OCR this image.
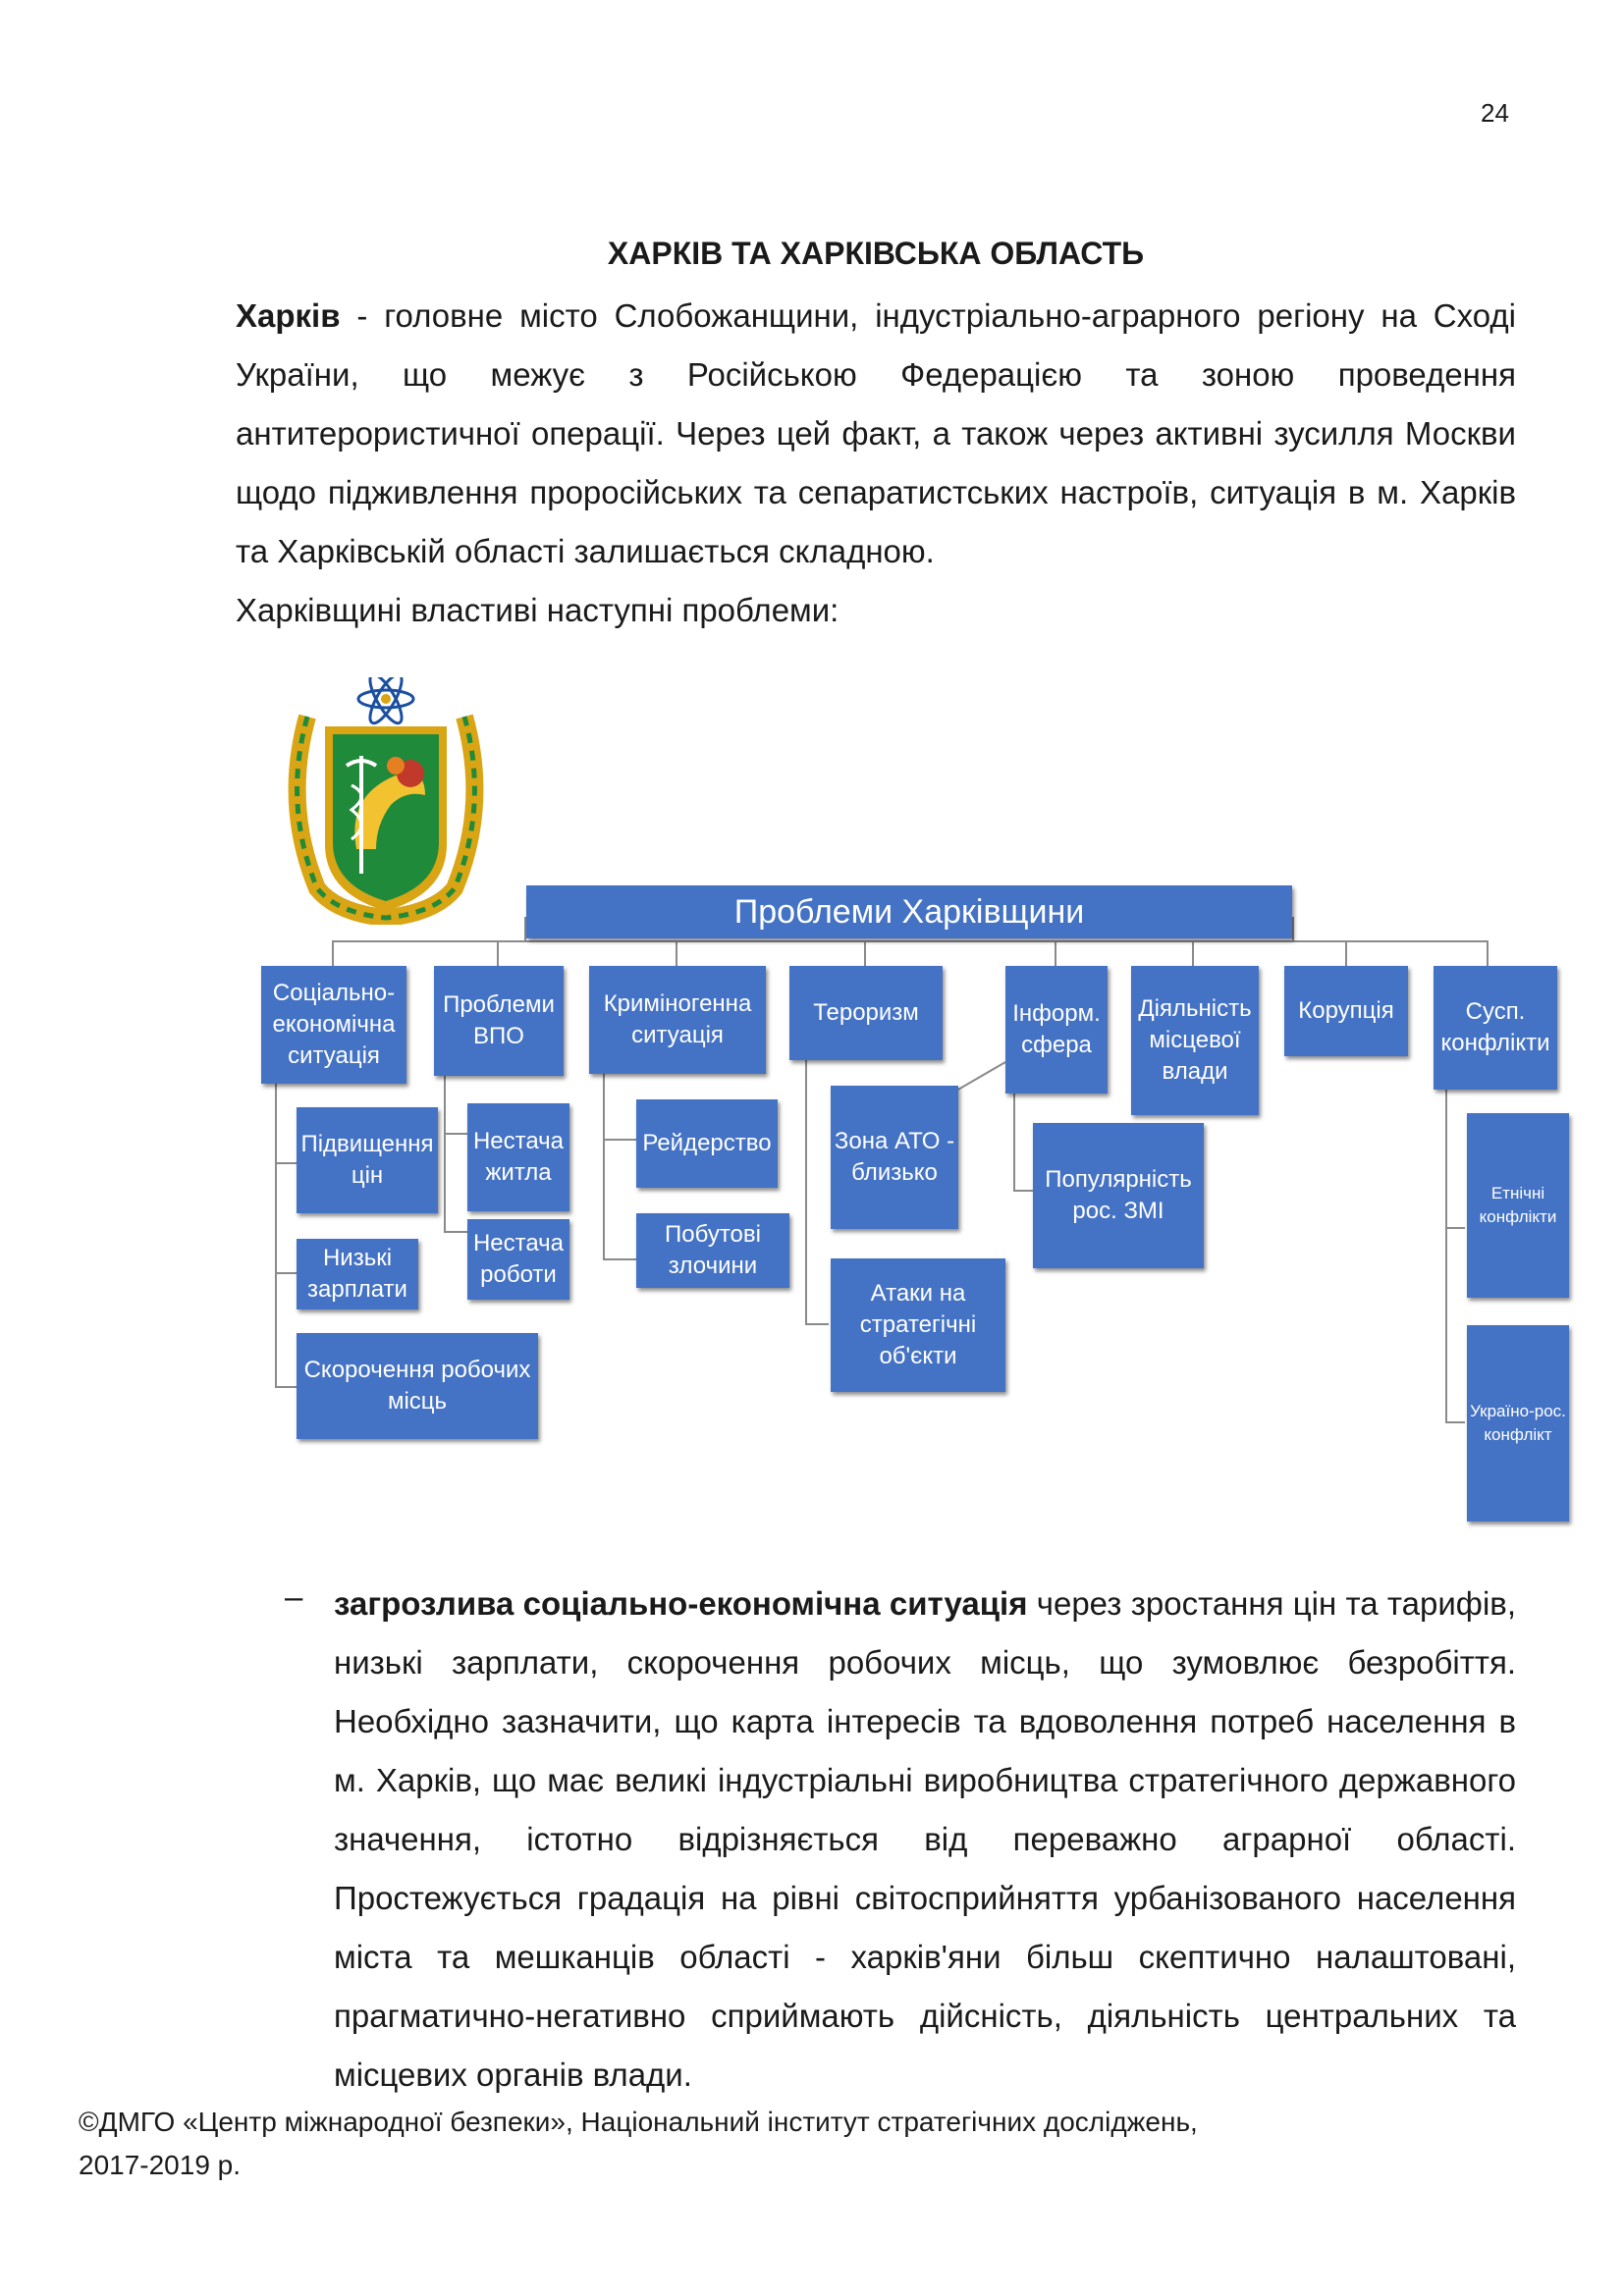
24
ХАРКІВ ТА ХАРКІВСЬКА ОБЛАСТЬ
Харків - головне місто Слобожанщини, індустріально-аграрного регіону на Сході України, що межує з Російською Федерацією та зоною проведення антитерористичної операції. Через цей факт, а також через активні зусилля Москви щодо підживлення проросійських та сепаратистських настроїв, ситуація в м. Харків та Харківській області залишається складною.
Харківщині властиві наступні проблеми:
Проблеми Харківщини
Соціально-економічна ситуація
Проблеми ВПО
Криміногенна ситуація
Тероризм	Інформ. сфера
Діяльність місцевої влади
Корупція	Сусп. конфлікти
Підвищення цін
Низькі зарплати
Скорочення робочих місць
Нестача житла
Нестача роботи
Рейдерство
Побутові злочини
Зона АТО - близько
Атаки на стратегічні об'єкти
Популярність рос. ЗМІ
Етнічні конфлікти
Україно-рос. конфлікт
– загрозлива соціально-економічна ситуація через зростання цін та тарифів, низькі зарплати, скорочення робочих місць, що зумовлює безробіття. Необхідно зазначити, що карта інтересів та вдоволення потреб населення в м. Харків, що має великі індустріальні виробництва стратегічного державного значення, істотно відрізняється від переважно аграрної області. Простежується градація на рівні світосприйняття урбанізованого населення міста та мешканців області - харків'яни більш скептично налаштовані, прагматично-негативно сприймають дійсність, діяльність центральних та місцевих органів влади.
©ДМГО «Центр міжнародної безпеки», Національний інститут стратегічних досліджень,
2017-2019 р.
